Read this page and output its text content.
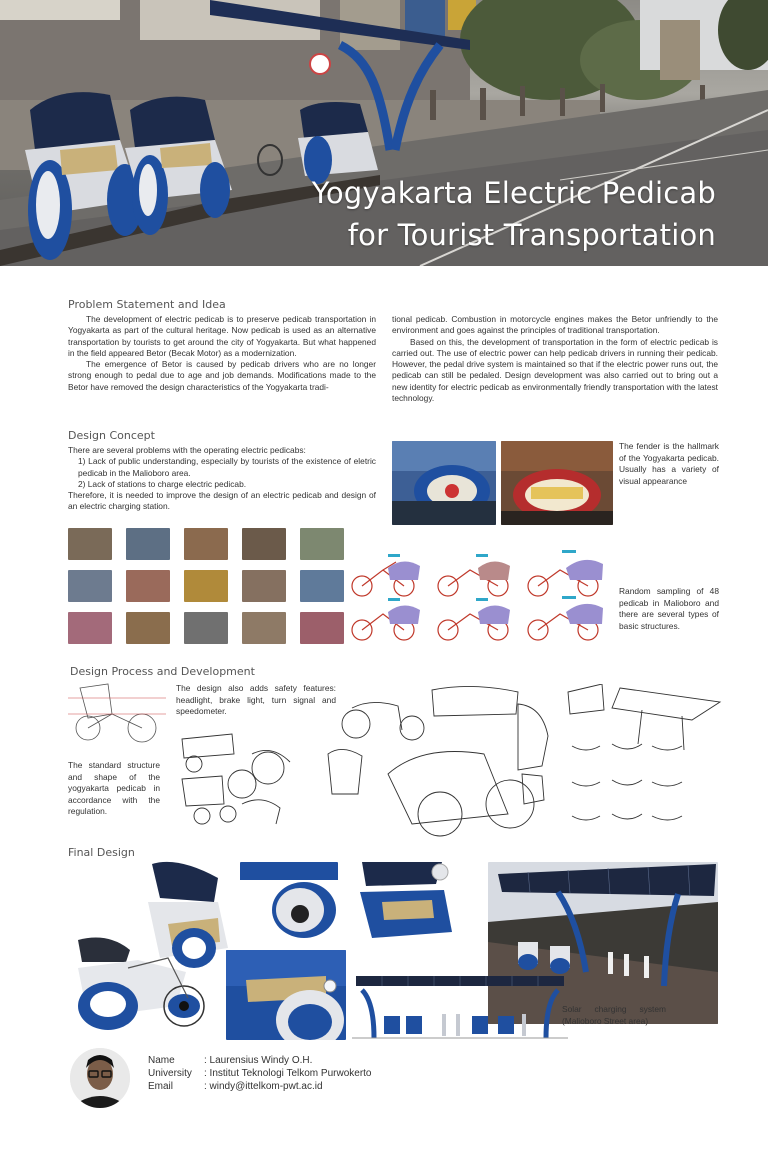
Yogyakarta Electric Pedicab
for Tourist Transportation
Problem Statement and Idea

The development of electric pedicab is to preserve pedicab transportation in Yogyakarta as part of the cultural heritage. Now pedicab is used as an alternative transportation by tourists to get around the city of Yogyakarta. But what happened in the field appeared Betor (Becak Motor) as a modernization.

The emergence of Betor is caused by pedicab drivers who are no longer strong enough to pedal due to age and job demands. Modifications made to the Betor have removed the design characteristics of the Yogyakarta tradi-

tional pedicab. Combustion in motorcycle engines makes the Betor unfriendly to the environment and goes against the principles of traditional transportation.

Based on this, the development of transportation in the form of electric pedicab is carried out. The use of electric power can help pedicab drivers in running their pedicab. However, the pedal drive system is maintained so that if the electric power runs out, the pedicab can still be pedaled. Design development was also carried out to bring out a new identity for electric pedicab as environmentally friendly transportation with the latest technology.

Design Concept

There are several problems with the operating electric pedicabs:

1) Lack of public understanding, especially by tourists of the existence of eletric pedicab in the Malioboro area.

2) Lack of stations to charge electric pedicab.

Therefore, it is needed to improve the design of an electric pedicab and design of an electric charging station.

The fender is the hallmark of the Yogyakarta pedicab. Usually has a variety of visual appearance
Random sampling of 48 pedicab in Malioboro and there are several types of basic structures.
Design Process and Development
The standard structure and shape of the yogyakarta pedicab in accordance with the regulation.
The design also adds safety features: headlight, brake light, turn signal and speedometer.
Final Design
Solar charging system (Malioboro Street area)
Name	: Laurensius Windy O.H.
University : Institut Teknologi Telkom Purwokerto
Email	: windy@ittelkom-pwt.ac.id
